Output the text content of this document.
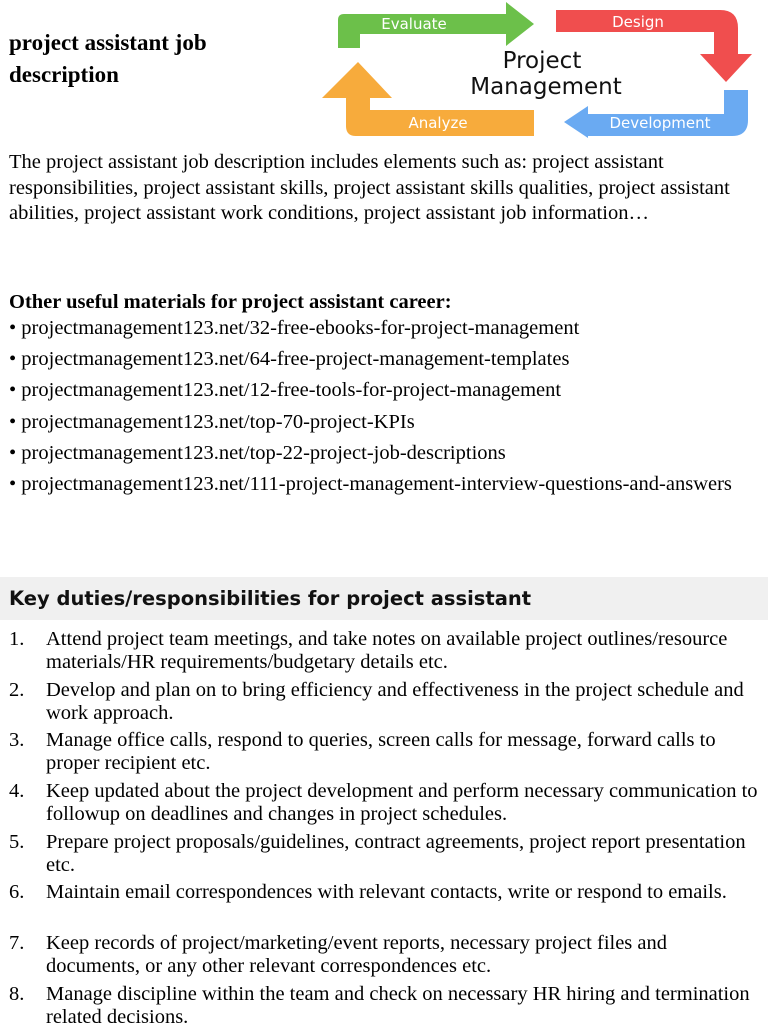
project assistant job description
Evaluate	Design
Development
Analyze
Project
Management

The project assistant job description includes elements such as: project assistant responsibilities, project assistant skills, project assistant skills qualities, project assistant abilities, project assistant work conditions, project assistant job information…

Other useful materials for project assistant career:

• projectmanagement123.net/32-free-ebooks-for-project-management
• projectmanagement123.net/64-free-project-management-templates
• projectmanagement123.net/12-free-tools-for-project-management
• projectmanagement123.net/top-70-project-KPIs
• projectmanagement123.net/top-22-project-job-descriptions
• projectmanagement123.net/111-project-management-interview-questions-and-answers
Key duties/responsibilities for project assistant
1.	Attend project team meetings, and take notes on available project outlines/resource materials/HR requirements/budgetary details etc.
2.	Develop and plan on to bring efficiency and effectiveness in the project schedule and work approach.
3.	Manage office calls, respond to queries, screen calls for message, forward calls to proper recipient etc.
4.	Keep updated about the project development and perform necessary communication to followup on deadlines and changes in project schedules.
5.	Prepare project proposals/guidelines, contract agreements, project report presentation etc.
6.	Maintain email correspondences with relevant contacts, write or respond to emails.
7.	Keep records of project/marketing/event reports, necessary project files and documents, or any other relevant correspondences etc.
8.	Manage discipline within the team and check on necessary HR hiring and termination related decisions.
